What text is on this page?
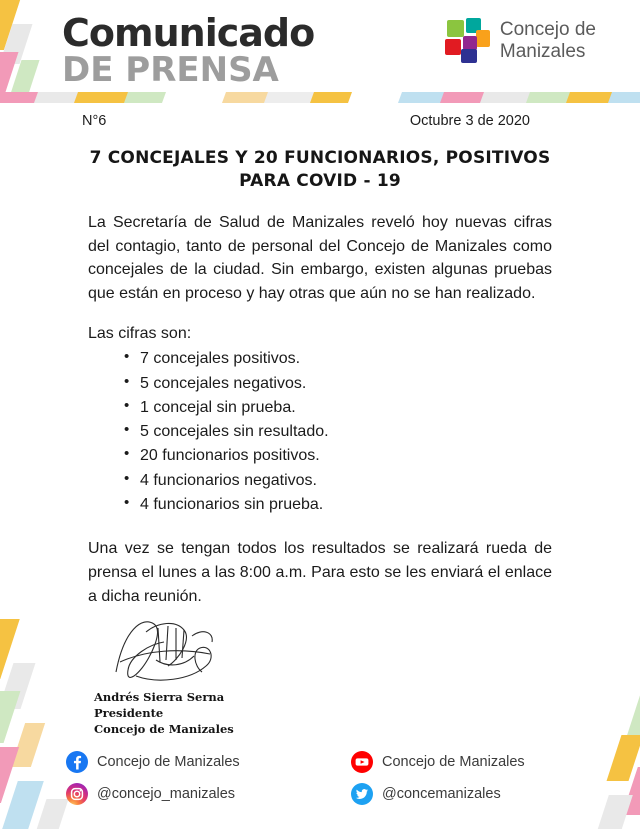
Comunicado
DE PRENSA
Concejo de
Manizales
N°6	Octubre 3 de 2020
7 CONCEJALES Y 20 FUNCIONARIOS, POSITIVOS PARA COVID - 19

La Secretaría de Salud de Manizales reveló hoy nuevas cifras del contagio, tanto de personal del Concejo de Manizales como concejales de la ciudad. Sin embargo, existen algunas pruebas que están en proceso y hay otras que aún no se han realizado.

Las cifras son:
• 7 concejales positivos.
• 5 concejales negativos.
• 1 concejal sin prueba.
• 5 concejales sin resultado.
• 20 funcionarios positivos.
• 4 funcionarios negativos.
• 4 funcionarios sin prueba.

Una vez se tengan todos los resultados se realizará rueda de prensa el lunes a las 8:00 a.m. Para esto se les enviará el enlace a dicha reunión.

Andrés Sierra Serna
Presidente
Concejo de Manizales
Concejo de Manizales	Concejo de Manizales
@concejo_manizales	@concemanizales
